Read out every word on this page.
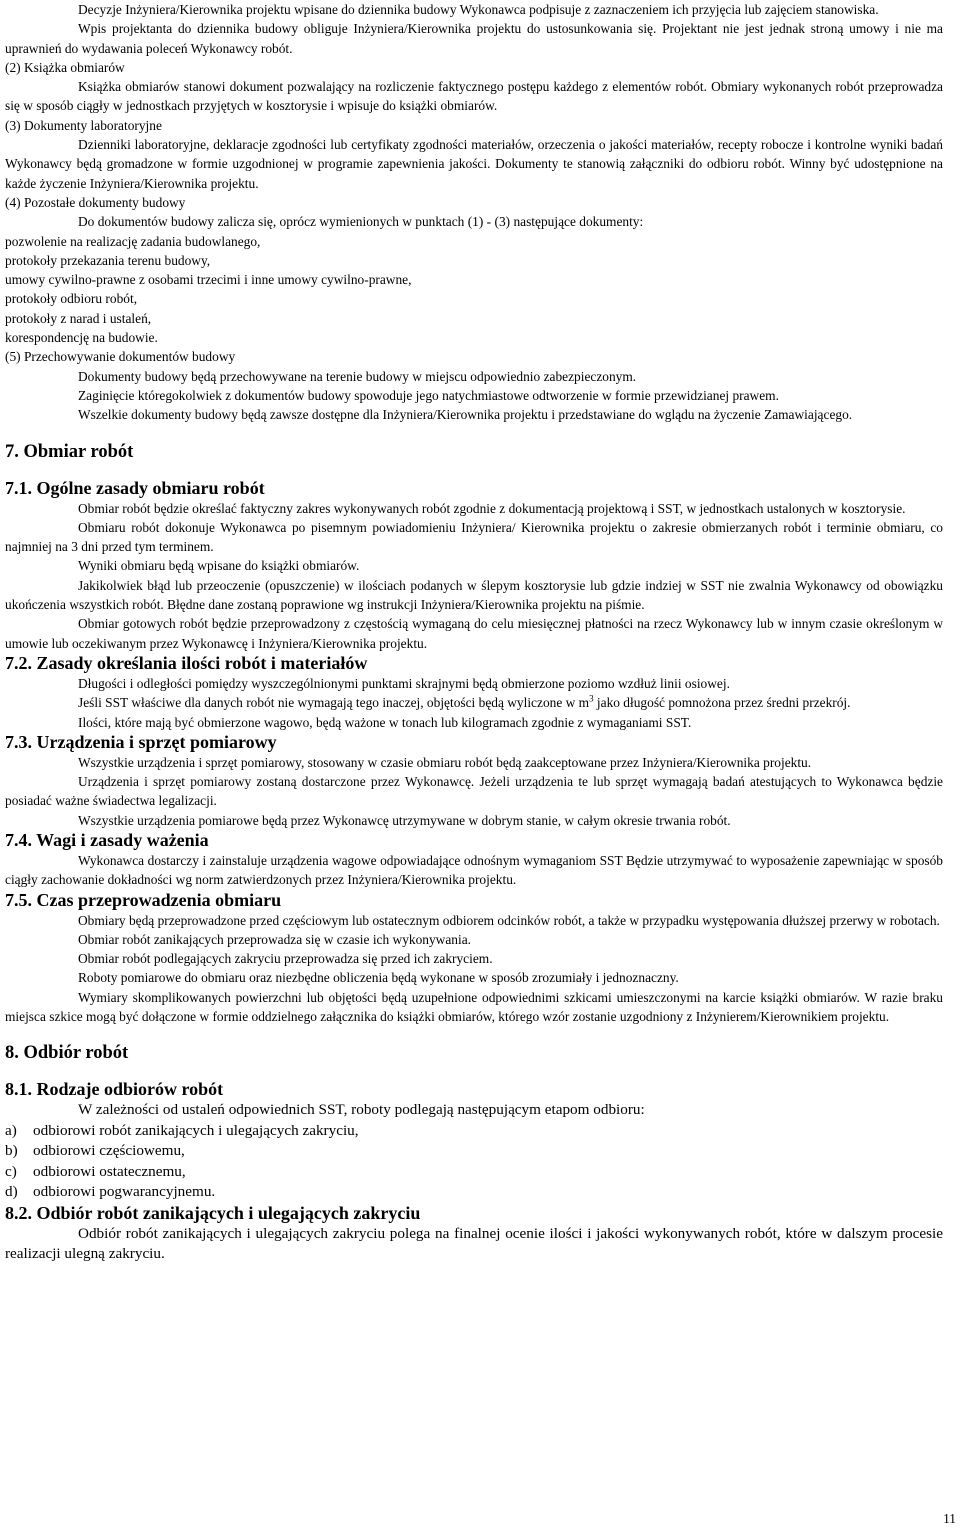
Decyzje Inżyniera/Kierownika projektu wpisane do dziennika budowy Wykonawca podpisuje z zaznaczeniem ich przyjęcia lub zajęciem stanowiska.

Wpis projektanta do dziennika budowy obliguje Inżyniera/Kierownika projektu do ustosunkowania się. Projektant nie jest jednak stroną umowy i nie ma uprawnień do wydawania poleceń Wykonawcy robót.

(2) Książka obmiarów

Książka obmiarów stanowi dokument pozwalający na rozliczenie faktycznego postępu każdego z elementów robót. Obmiary wykonanych robót przeprowadza się w sposób ciągły w jednostkach przyjętych w kosztorysie i wpisuje do książki obmiarów.

(3) Dokumenty laboratoryjne

Dzienniki laboratoryjne, deklaracje zgodności lub certyfikaty zgodności materiałów, orzeczenia o jakości materiałów, recepty robocze i kontrolne wyniki badań Wykonawcy będą gromadzone w formie uzgodnionej w programie zapewnienia jakości. Dokumenty te stanowią załączniki do odbioru robót. Winny być udostępnione na każde życzenie Inżyniera/Kierownika projektu.

(4) Pozostałe dokumenty budowy

Do dokumentów budowy zalicza się, oprócz wymienionych w punktach (1) - (3) następujące dokumenty:

pozwolenie na realizację zadania budowlanego,

protokoły przekazania terenu budowy,

umowy cywilno-prawne z osobami trzecimi i inne umowy cywilno-prawne,

protokoły odbioru robót,

protokoły z narad i ustaleń,

korespondencję na budowie.

(5) Przechowywanie dokumentów budowy

Dokumenty budowy będą przechowywane na terenie budowy w miejscu odpowiednio zabezpieczonym.

Zaginięcie któregokolwiek z dokumentów budowy spowoduje jego natychmiastowe odtworzenie w formie przewidzianej prawem.

Wszelkie dokumenty budowy będą zawsze dostępne dla Inżyniera/Kierownika projektu i przedstawiane do wglądu na życzenie Zamawiającego.

7. Obmiar robót
7.1. Ogólne zasady obmiaru robót

Obmiar robót będzie określać faktyczny zakres wykonywanych robót zgodnie z dokumentacją projektową i SST, w jednostkach ustalonych w kosztorysie.

Obmiaru robót dokonuje Wykonawca po pisemnym powiadomieniu Inżyniera/ Kierownika projektu o zakresie obmierzanych robót i terminie obmiaru, co najmniej na 3 dni przed tym terminem.

Wyniki obmiaru będą wpisane do książki obmiarów.

Jakikolwiek błąd lub przeoczenie (opuszczenie) w ilościach podanych w ślepym kosztorysie lub gdzie indziej w SST nie zwalnia Wykonawcy od obowiązku ukończenia wszystkich robót. Błędne dane zostaną poprawione wg instrukcji Inżyniera/Kierownika projektu na piśmie.

Obmiar gotowych robót będzie przeprowadzony z częstością wymaganą do celu miesięcznej płatności na rzecz Wykonawcy lub w innym czasie określonym w umowie lub oczekiwanym przez Wykonawcę i Inżyniera/Kierownika projektu.

7.2. Zasady określania ilości robót i materiałów

Długości i odległości pomiędzy wyszczególnionymi punktami skrajnymi będą obmierzone poziomo wzdłuż linii osiowej.

Jeśli SST właściwe dla danych robót nie wymagają tego inaczej, objętości będą wyliczone w $m^3$ jako długość pomnożona przez średni przekrój.

Ilości, które mają być obmierzone wagowo, będą ważone w tonach lub kilogramach zgodnie z wymaganiami SST.

7.3. Urządzenia i sprzęt pomiarowy

Wszystkie urządzenia i sprzęt pomiarowy, stosowany w czasie obmiaru robót będą zaakceptowane przez Inżyniera/Kierownika projektu.

Urządzenia i sprzęt pomiarowy zostaną dostarczone przez Wykonawcę. Jeżeli urządzenia te lub sprzęt wymagają badań atestujących to Wykonawca będzie posiadać ważne świadectwa legalizacji.

Wszystkie urządzenia pomiarowe będą przez Wykonawcę utrzymywane w dobrym stanie, w całym okresie trwania robót.

7.4. Wagi i zasady ważenia

Wykonawca dostarczy i zainstaluje urządzenia wagowe odpowiadające odnośnym wymaganiom SST Będzie utrzymywać to wyposażenie zapewniając w sposób ciągły zachowanie dokładności wg norm zatwierdzonych przez Inżyniera/Kierownika projektu.

7.5. Czas przeprowadzenia obmiaru

Obmiary będą przeprowadzone przed częściowym lub ostatecznym odbiorem odcinków robót, a także w przypadku występowania dłuższej przerwy w robotach.

Obmiar robót zanikających przeprowadza się w czasie ich wykonywania.

Obmiar robót podlegających zakryciu przeprowadza się przed ich zakryciem.

Roboty pomiarowe do obmiaru oraz niezbędne obliczenia będą wykonane w sposób zrozumiały i jednoznaczny.

Wymiary skomplikowanych powierzchni lub objętości będą uzupełnione odpowiednimi szkicami umieszczonymi na karcie książki obmiarów. W razie braku miejsca szkice mogą być dołączone w formie oddzielnego załącznika do książki obmiarów, którego wzór zostanie uzgodniony z Inżynierem/Kierownikiem projektu.

8. Odbiór robót
8.1. Rodzaje odbiorów robót

W zależności od ustaleń odpowiednich SST, roboty podlegają następującym etapom odbioru:

a)	odbiorowi robót zanikających i ulegających zakryciu,
b)	odbiorowi częściowemu,
c)	odbiorowi ostatecznemu,
d)	odbiorowi pogwarancyjnemu.
8.2. Odbiór robót zanikających i ulegających zakryciu

Odbiór robót zanikających i ulegających zakryciu polega na finalnej ocenie ilości i jakości wykonywanych robót, które w dalszym procesie realizacji ulegną zakryciu.

11
